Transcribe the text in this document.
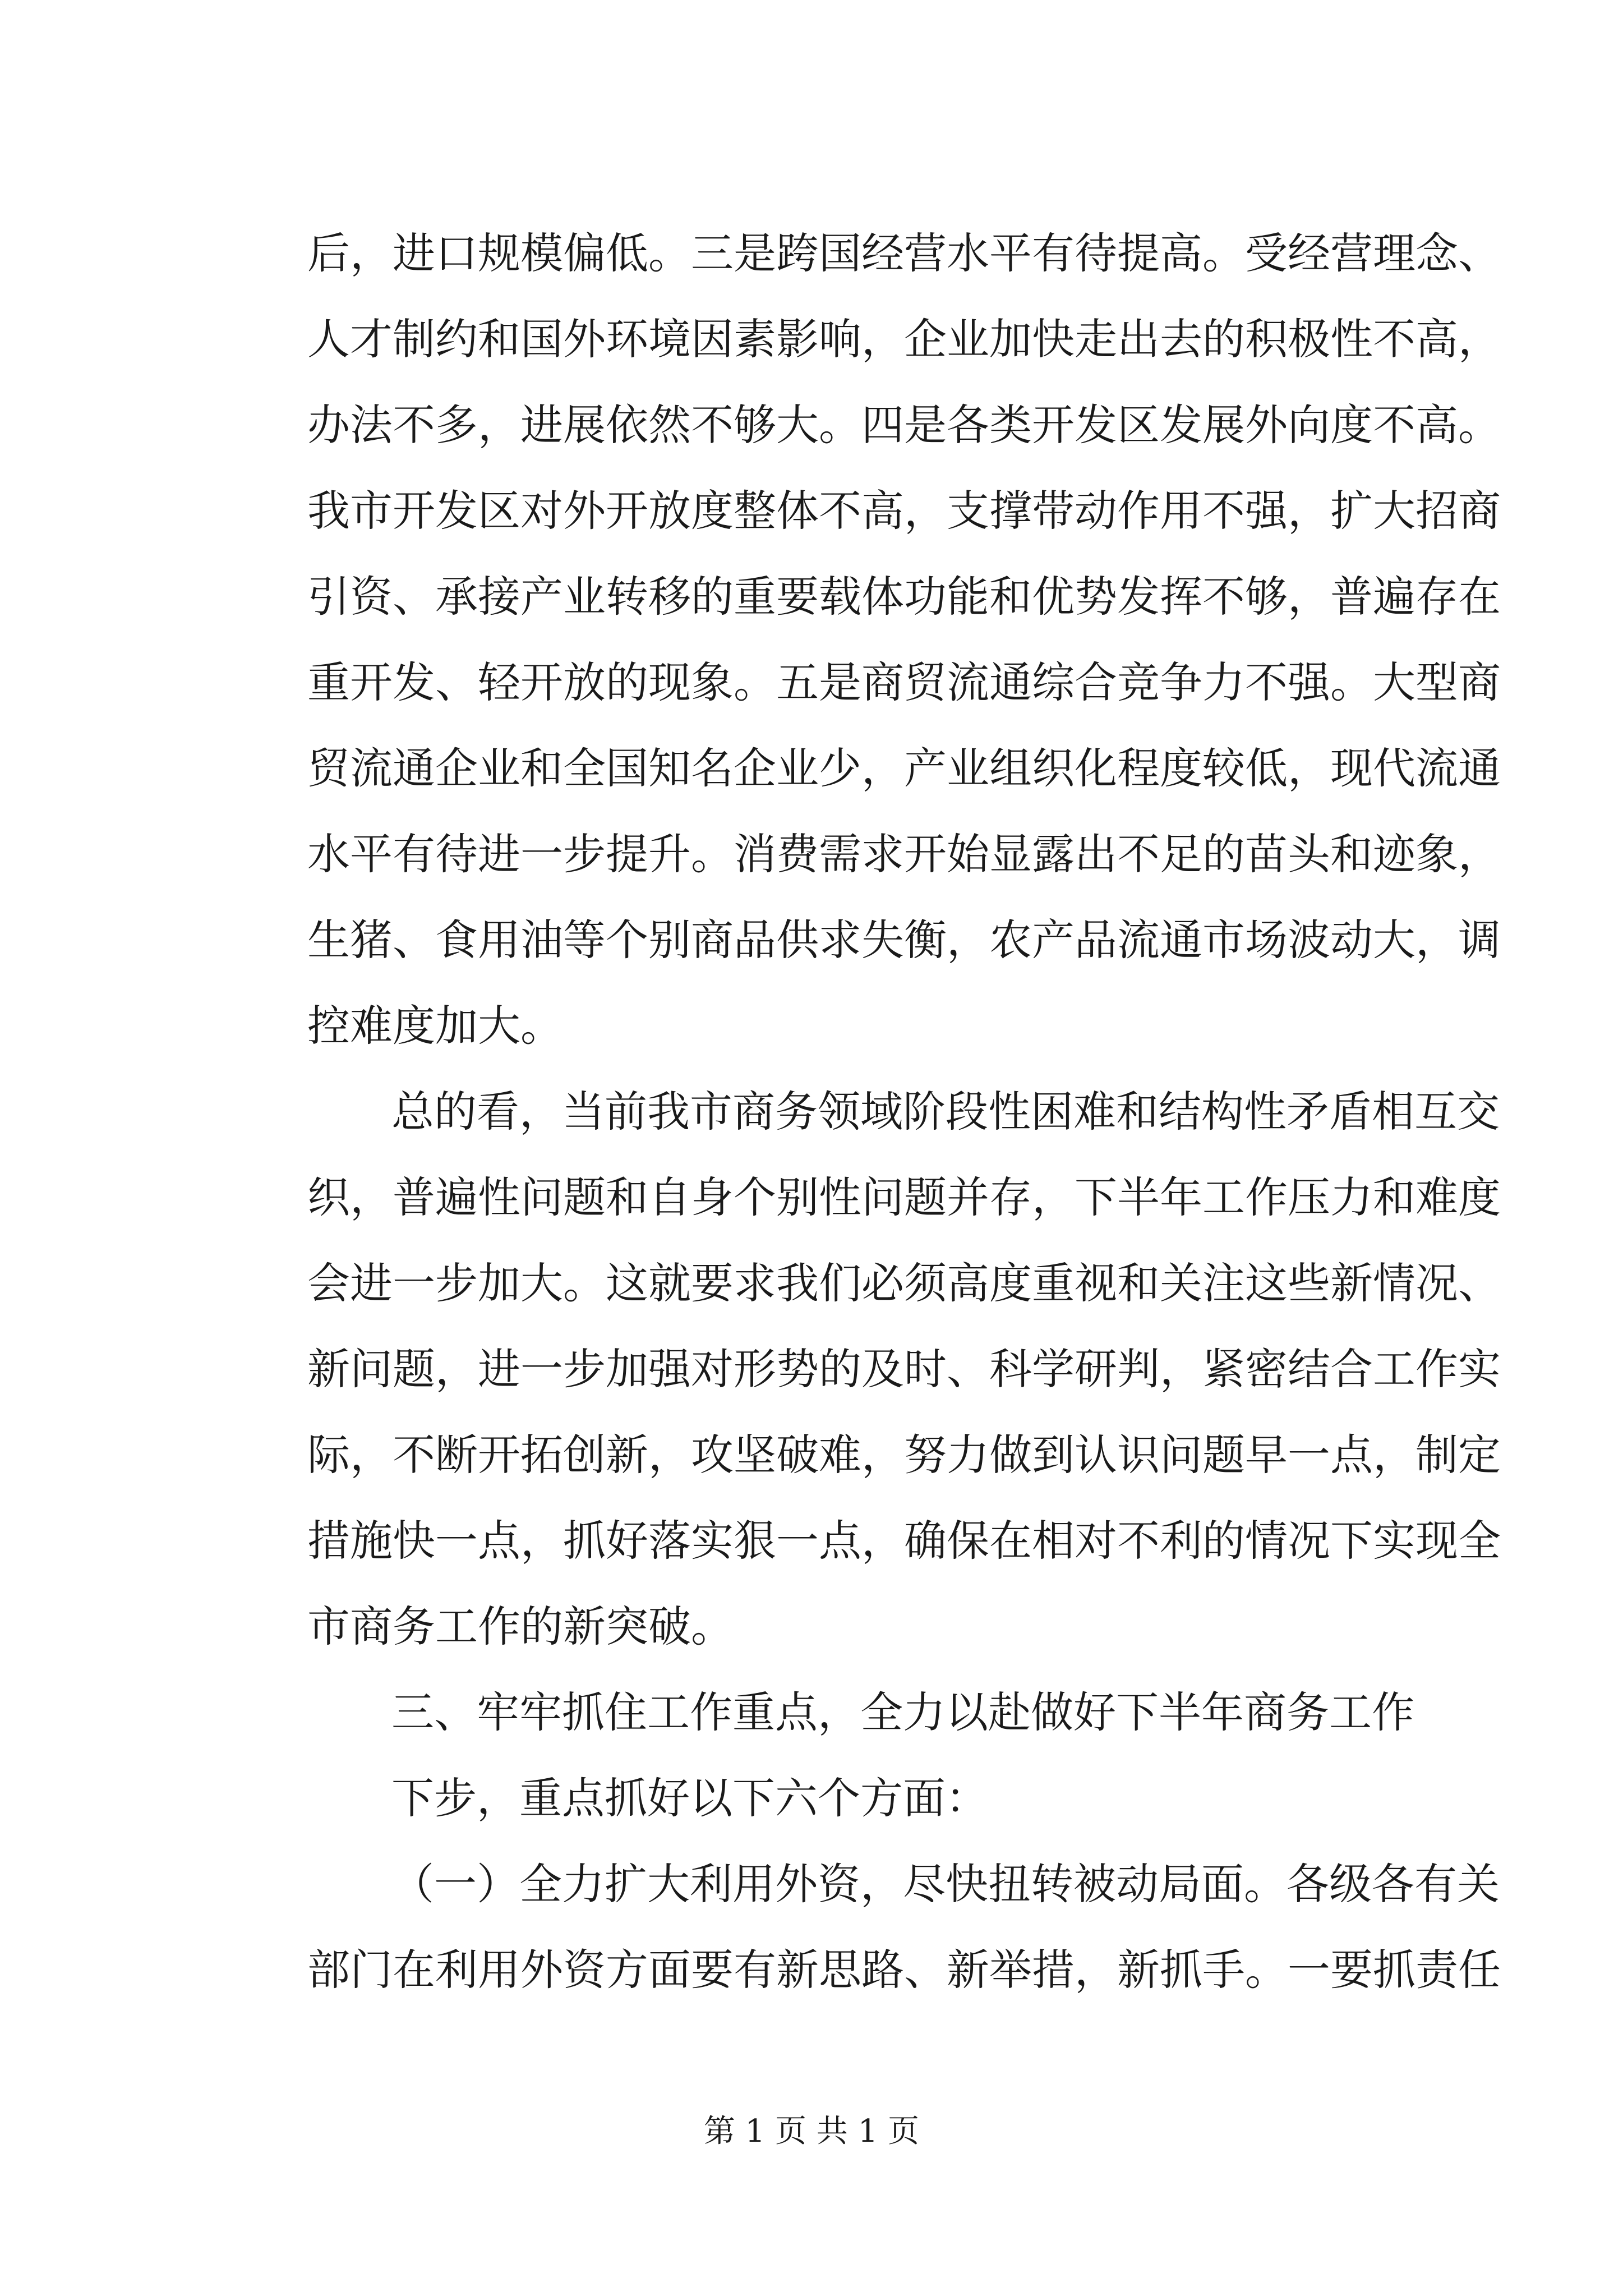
后，进口规模偏低。三是跨国经营水平有待提高。受经营理念、
人才制约和国外环境因素影响，企业加快走出去的积极性不高，
办法不多，进展依然不够大。四是各类开发区发展外向度不高。
我市开发区对外开放度整体不高，支撑带动作用不强，扩大招商
引资、承接产业转移的重要载体功能和优势发挥不够，普遍存在
重开发、轻开放的现象。五是商贸流通综合竞争力不强。大型商
贸流通企业和全国知名企业少，产业组织化程度较低，现代流通
水平有待进一步提升。消费需求开始显露出不足的苗头和迹象，
生猪、食用油等个别商品供求失衡，农产品流通市场波动大，调
控难度加大。
总的看，当前我市商务领域阶段性困难和结构性矛盾相互交
织，普遍性问题和自身个别性问题并存，下半年工作压力和难度
会进一步加大。这就要求我们必须高度重视和关注这些新情况、
新问题，进一步加强对形势的及时、科学研判，紧密结合工作实
际，不断开拓创新，攻坚破难，努力做到认识问题早一点，制定
措施快一点，抓好落实狠一点，确保在相对不利的情况下实现全
市商务工作的新突破。
三、牢牢抓住工作重点，全力以赴做好下半年商务工作
下步，重点抓好以下六个方面：
（一）全力扩大利用外资，尽快扭转被动局面。各级各有关
部门在利用外资方面要有新思路、新举措，新抓手。一要抓责任
第 1 页 共 1 页
